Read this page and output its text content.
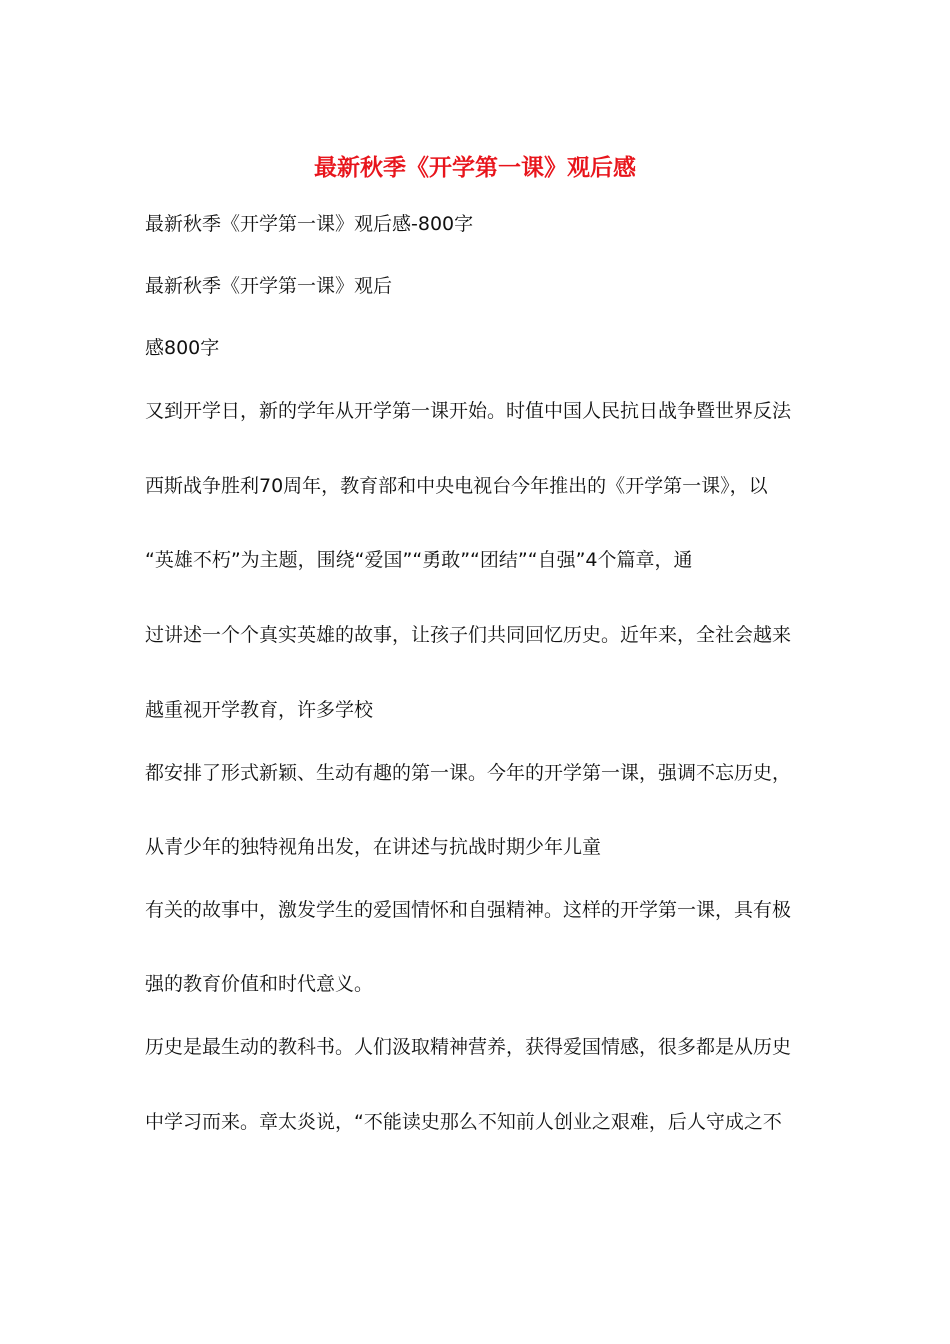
最新秋季《开学第一课》观后感
最新秋季《开学第一课》观后感-800字
最新秋季《开学第一课》观后
感800字
又到开学日，新的学年从开学第一课开始。时值中国人民抗日战争暨世界反法
西斯战争胜利70周年，教育部和中央电视台今年推出的《开学第一课》，以
“英雄不朽”为主题，围绕“爱国”“勇敢”“团结”“自强”4个篇章，通
过讲述一个个真实英雄的故事，让孩子们共同回忆历史。近年来，全社会越来
越重视开学教育，许多学校
都安排了形式新颖、生动有趣的第一课。今年的开学第一课，强调不忘历史，
从青少年的独特视角出发，在讲述与抗战时期少年儿童
有关的故事中，激发学生的爱国情怀和自强精神。这样的开学第一课，具有极
强的教育价值和时代意义。
历史是最生动的教科书。人们汲取精神营养，获得爱国情感，很多都是从历史
中学习而来。章太炎说，“不能读史那么不知前人创业之艰难，后人守成之不
